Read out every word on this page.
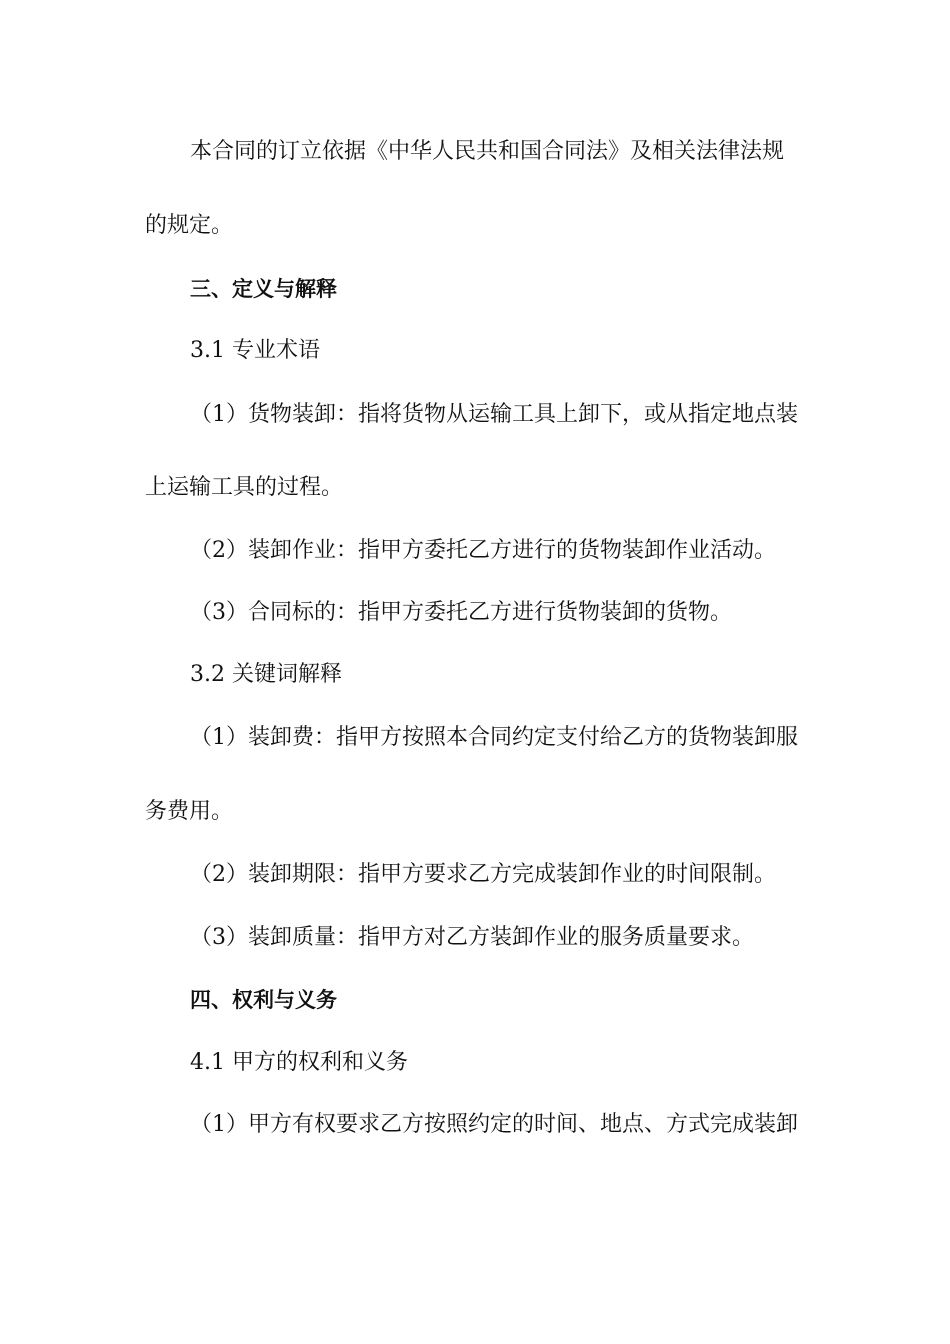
本合同的订立依据《中华人民共和国合同法》及相关法律法规
的规定。
三、定义与解释
3.1 专业术语
（1）货物装卸：指将货物从运输工具上卸下，或从指定地点装
上运输工具的过程。
（2）装卸作业：指甲方委托乙方进行的货物装卸作业活动。
（3）合同标的：指甲方委托乙方进行货物装卸的货物。
3.2 关键词解释
（1）装卸费：指甲方按照本合同约定支付给乙方的货物装卸服
务费用。
（2）装卸期限：指甲方要求乙方完成装卸作业的时间限制。
（3）装卸质量：指甲方对乙方装卸作业的服务质量要求。
四、权利与义务
4.1 甲方的权利和义务
（1）甲方有权要求乙方按照约定的时间、地点、方式完成装卸
